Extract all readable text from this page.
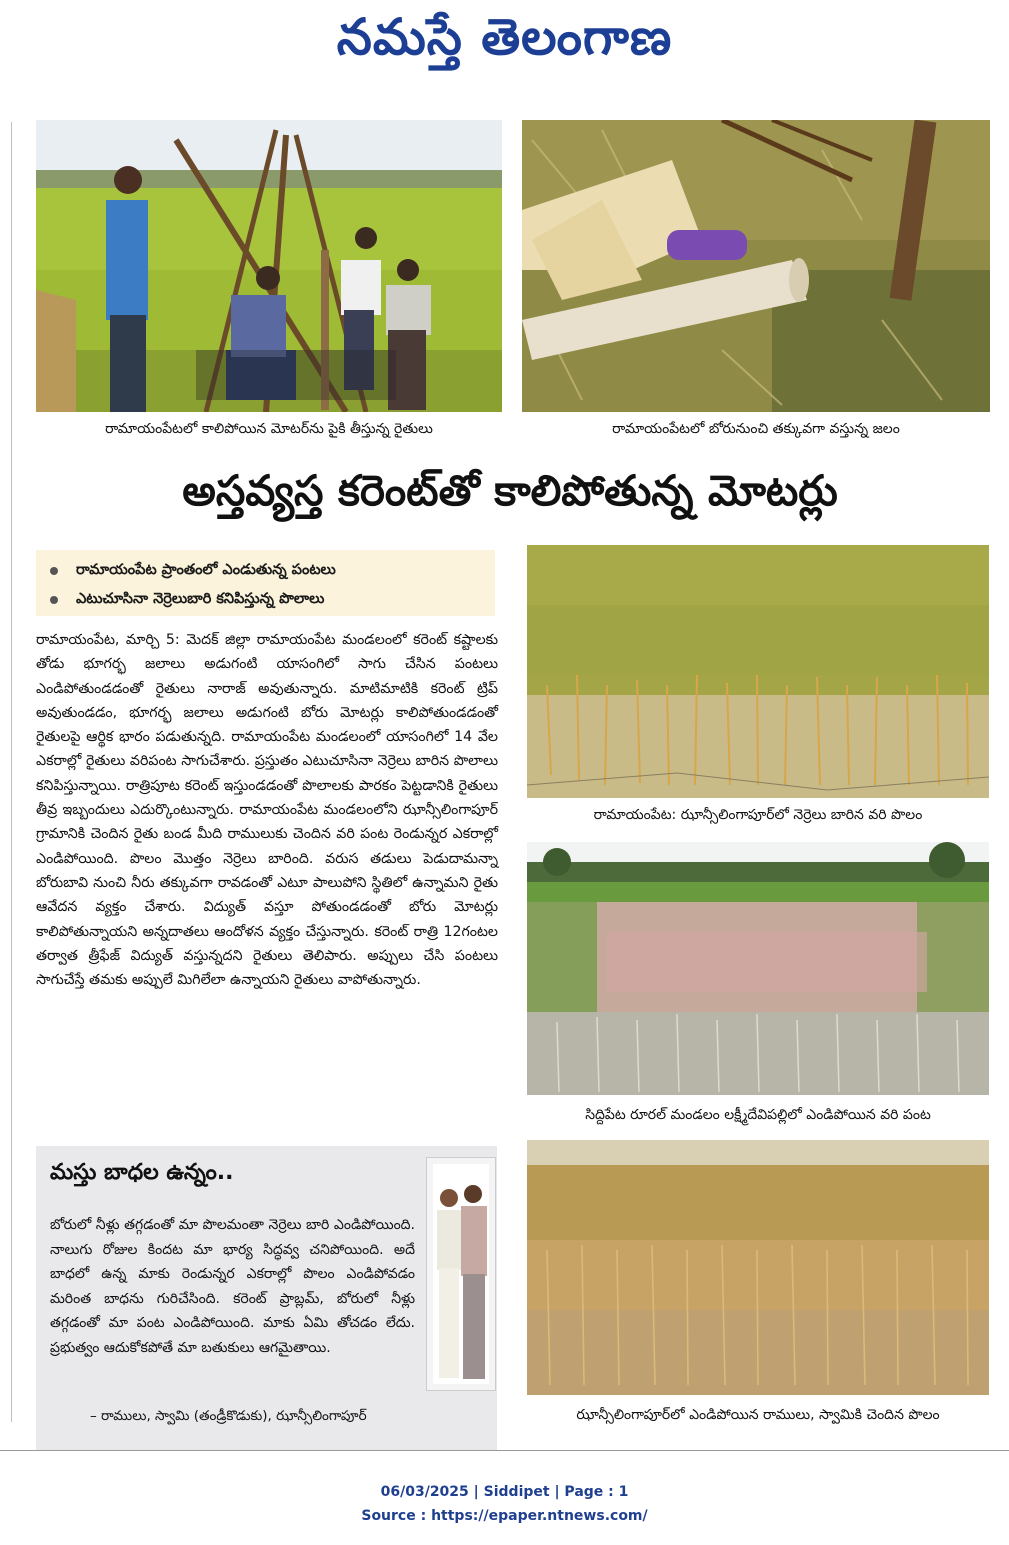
నమస్తే తెలంగాణ
రామాయంపేటలో కాలిపోయిన మోటర్‌ను పైకి తీస్తున్న రైతులు	రామాయంపేటలో బోరునుంచి తక్కువగా వస్తున్న జలం
అస్తవ్యస్త కరెంట్‌తో కాలిపోతున్న మోటర్లు
రామాయంపేట ప్రాంతంలో ఎండుతున్న పంటలు
ఎటుచూసినా నెర్రెలుబారి కనిపిస్తున్న పొలాలు

రామాయంపేట, మార్చి 5: మెదక్ జిల్లా రామాయంపేట మండలంలో కరెంట్ కష్టాలకు తోడు భూగర్భ జలాలు అడుగంటి యాసంగిలో సాగు చేసిన పంటలు ఎండిపోతుండడంతో రైతులు నారాజ్ అవుతున్నారు. మాటిమాటికి కరెంట్ ట్రిప్ అవుతుండడం, భూగర్భ జలాలు అడుగంటి బోరు మోటర్లు కాలిపోతుండడంతో రైతులపై ఆర్థిక భారం పడుతున్నది. రామాయంపేట మండలంలో యాసంగిలో 14 వేల ఎకరాల్లో రైతులు వరిపంట సాగుచేశారు. ప్రస్తుతం ఎటుచూసినా నెర్రెలు బారిన పొలాలు కనిపిస్తున్నాయి. రాత్రిపూట కరెంట్ ఇస్తుండడంతో పొలాలకు పారకం పెట్టడానికి రైతులు తీవ్ర ఇబ్బందులు ఎదుర్కొంటున్నారు. రామాయంపేట మండలంలోని ఝాన్సీలింగాపూర్ గ్రామానికి చెందిన రైతు బండ మీది రాములుకు చెందిన వరి పంట రెండున్నర ఎకరాల్లో ఎండిపోయింది. పొలం మొత్తం నెర్రెలు బారింది. వరుస తడులు పెడుదామన్నా బోరుబావి నుంచి నీరు తక్కువగా రావడంతో ఎటూ పాలుపోని స్థితిలో ఉన్నామని రైతు ఆవేదన వ్యక్తం చేశారు. విద్యుత్ వస్తూ పోతుండడంతో బోరు మోటర్లు కాలిపోతున్నాయని అన్నదాతలు ఆందోళన వ్యక్తం చేస్తున్నారు. కరెంట్ రాత్రి 12గంటల తర్వాత త్రీఫేజ్ విద్యుత్ వస్తున్నదని రైతులు తెలిపారు. అప్పులు చేసి పంటలు సాగుచేస్తే తమకు అప్పులే మిగిలేలా ఉన్నాయని రైతులు వాపోతున్నారు.

రామాయంపేట: ఝాన్సీలింగాపూర్‌లో నెర్రెలు బారిన వరి పొలం
సిద్దిపేట రూరల్ మండలం లక్ష్మీదేవిపల్లిలో ఎండిపోయిన వరి పంట
ఝాన్సీలింగాపూర్‌లో ఎండిపోయిన రాములు, స్వామికి చెందిన పొలం
మస్తు బాధల ఉన్నం..

బోరులో నీళ్లు తగ్గడంతో మా పొలమంతా నెర్రెలు బారి ఎండిపోయింది. నాలుగు రోజుల కిందట మా భార్య సిద్ధవ్వ చనిపోయింది. అదే బాధలో ఉన్న మాకు రెండున్నర ఎకరాల్లో పొలం ఎండిపోవడం మరింత బాధను గురిచేసింది. కరెంట్ ప్రాబ్లమ్, బోరులో నీళ్లు తగ్గడంతో మా పంట ఎండిపోయింది. మాకు ఏమి తోచడం లేదు. ప్రభుత్వం ఆదుకోకపోతే మా బతుకులు ఆగమైతాయి.

– రాములు, స్వామి (తండ్రీకొడుకు), ఝాన్సీలింగాపూర్
06/03/2025 | Siddipet | Page : 1
Source : https://epaper.ntnews.com/
